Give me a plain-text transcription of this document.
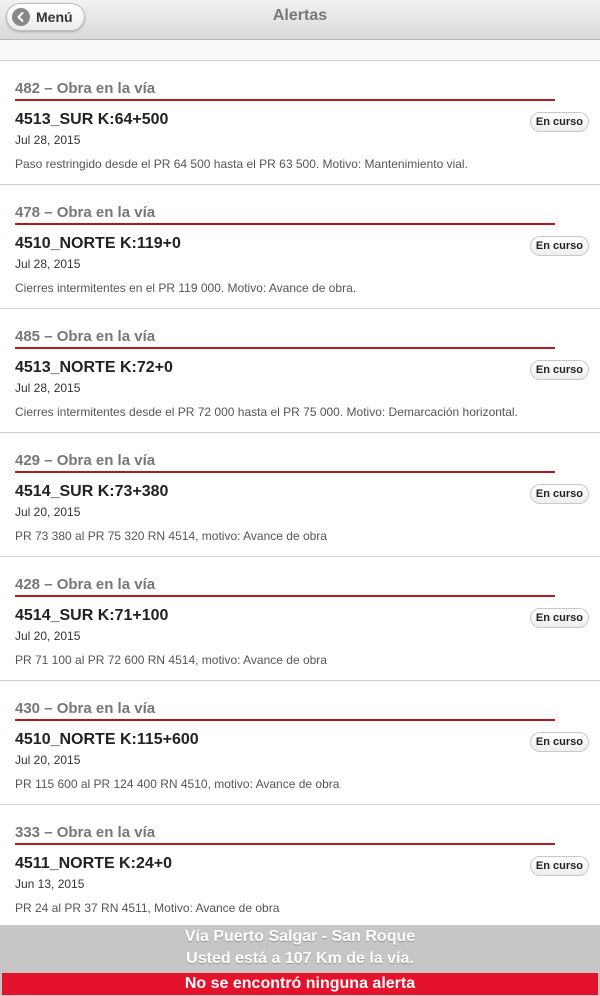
Menú	Alertas
482 – Obra en la vía
4513_SUR K:64+500
Jul 28, 2015
Paso restringido desde el PR 64 500 hasta el PR 63 500. Motivo: Mantenimiento vial.
En curso
478 – Obra en la vía
4510_NORTE K:119+0
Jul 28, 2015
Cierres intermitentes en el PR 119 000. Motivo: Avance de obra.
En curso
485 – Obra en la vía
4513_NORTE K:72+0
Jul 28, 2015
Cierres intermitentes desde el PR 72 000 hasta el PR 75 000. Motivo: Demarcación horizontal.
En curso
429 – Obra en la vía
4514_SUR K:73+380
Jul 20, 2015
PR 73 380 al PR 75 320 RN 4514, motivo: Avance de obra
En curso
428 – Obra en la vía
4514_SUR K:71+100
Jul 20, 2015
PR 71 100 al PR 72 600 RN 4514, motivo: Avance de obra
En curso
430 – Obra en la vía
4510_NORTE K:115+600
Jul 20, 2015
PR 115 600 al PR 124 400 RN 4510, motivo: Avance de obra
En curso
333 – Obra en la vía
4511_NORTE K:24+0
Jun 13, 2015
PR 24 al PR 37 RN 4511, Motivo: Avance de obra
En curso
Vía Puerto Salgar - San Roque
Usted está a 107 Km de la vía.
No se encontró ninguna alerta
